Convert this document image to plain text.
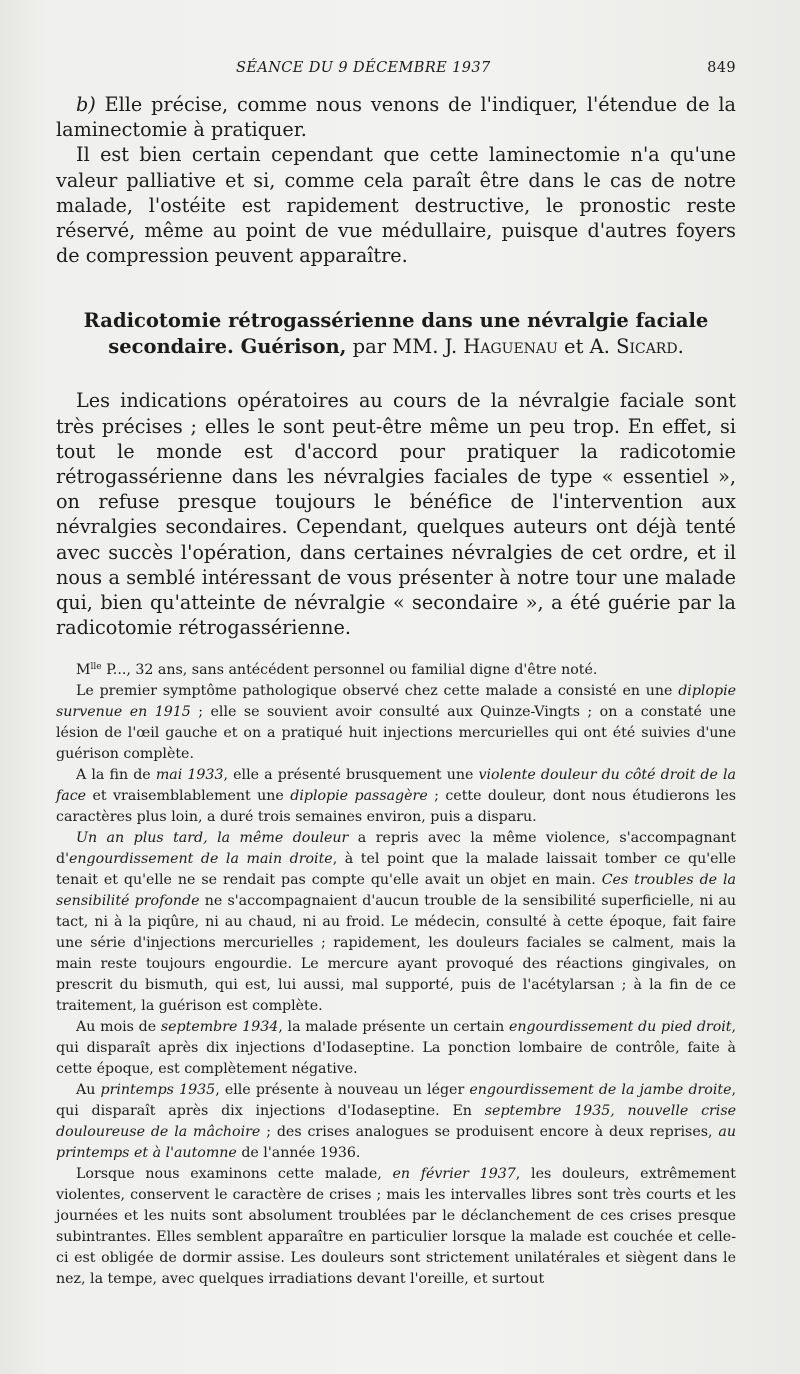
SÉANCE DU 9 DÉCEMBRE 1937	849

b) Elle précise, comme nous venons de l'indiquer, l'étendue de la laminectomie à pratiquer.

Il est bien certain cependant que cette laminectomie n'a qu'une valeur palliative et si, comme cela paraît être dans le cas de notre malade, l'ostéite est rapidement destructive, le pronostic reste réservé, même au point de vue médullaire, puisque d'autres foyers de compression peuvent apparaître.

Radicotomie rétrogassérienne dans une névralgie faciale secondaire. Guérison, par MM. J. Haguenau et A. Sicard.

Les indications opératoires au cours de la névralgie faciale sont très précises ; elles le sont peut-être même un peu trop. En effet, si tout le monde est d'accord pour pratiquer la radicotomie rétrogassérienne dans les névralgies faciales de type « essentiel », on refuse presque toujours le bénéfice de l'intervention aux névralgies secondaires. Cependant, quelques auteurs ont déjà tenté avec succès l'opération, dans certaines névralgies de cet ordre, et il nous a semblé intéressant de vous présenter à notre tour une malade qui, bien qu'atteinte de névralgie « secondaire », a été guérie par la radicotomie rétrogassérienne.

$M^{lle}$ P..., 32 ans, sans antécédent personnel ou familial digne d'être noté.

Le premier symptôme pathologique observé chez cette malade a consisté en une diplopie survenue en 1915 ; elle se souvient avoir consulté aux Quinze-Vingts ; on a constaté une lésion de l'œil gauche et on a pratiqué huit injections mercurielles qui ont été suivies d'une guérison complète.

A la fin de mai 1933, elle a présenté brusquement une violente douleur du côté droit de la face et vraisemblablement une diplopie passagère ; cette douleur, dont nous étudierons les caractères plus loin, a duré trois semaines environ, puis a disparu.

Un an plus tard, la même douleur a repris avec la même violence, s'accompagnant d'engourdissement de la main droite, à tel point que la malade laissait tomber ce qu'elle tenait et qu'elle ne se rendait pas compte qu'elle avait un objet en main. Ces troubles de la sensibilité profonde ne s'accompagnaient d'aucun trouble de la sensibilité superficielle, ni au tact, ni à la piqûre, ni au chaud, ni au froid. Le médecin, consulté à cette époque, fait faire une série d'injections mercurielles ; rapidement, les douleurs faciales se calment, mais la main reste toujours engourdie. Le mercure ayant provoqué des réactions gingivales, on prescrit du bismuth, qui est, lui aussi, mal supporté, puis de l'acétylarsan ; à la fin de ce traitement, la guérison est complète.

Au mois de septembre 1934, la malade présente un certain engourdissement du pied droit, qui disparaît après dix injections d'Iodaseptine. La ponction lombaire de contrôle, faite à cette époque, est complètement négative.

Au printemps 1935, elle présente à nouveau un léger engourdissement de la jambe droite, qui disparaît après dix injections d'Iodaseptine. En septembre 1935, nouvelle crise douloureuse de la mâchoire ; des crises analogues se produisent encore à deux reprises, au printemps et à l'automne de l'année 1936.

Lorsque nous examinons cette malade, en février 1937, les douleurs, extrêmement violentes, conservent le caractère de crises ; mais les intervalles libres sont très courts et les journées et les nuits sont absolument troublées par le déclanchement de ces crises presque subintrantes. Elles semblent apparaître en particulier lorsque la malade est couchée et celle-ci est obligée de dormir assise. Les douleurs sont strictement unilatérales et siègent dans le nez, la tempe, avec quelques irradiations devant l'oreille, et surtout
